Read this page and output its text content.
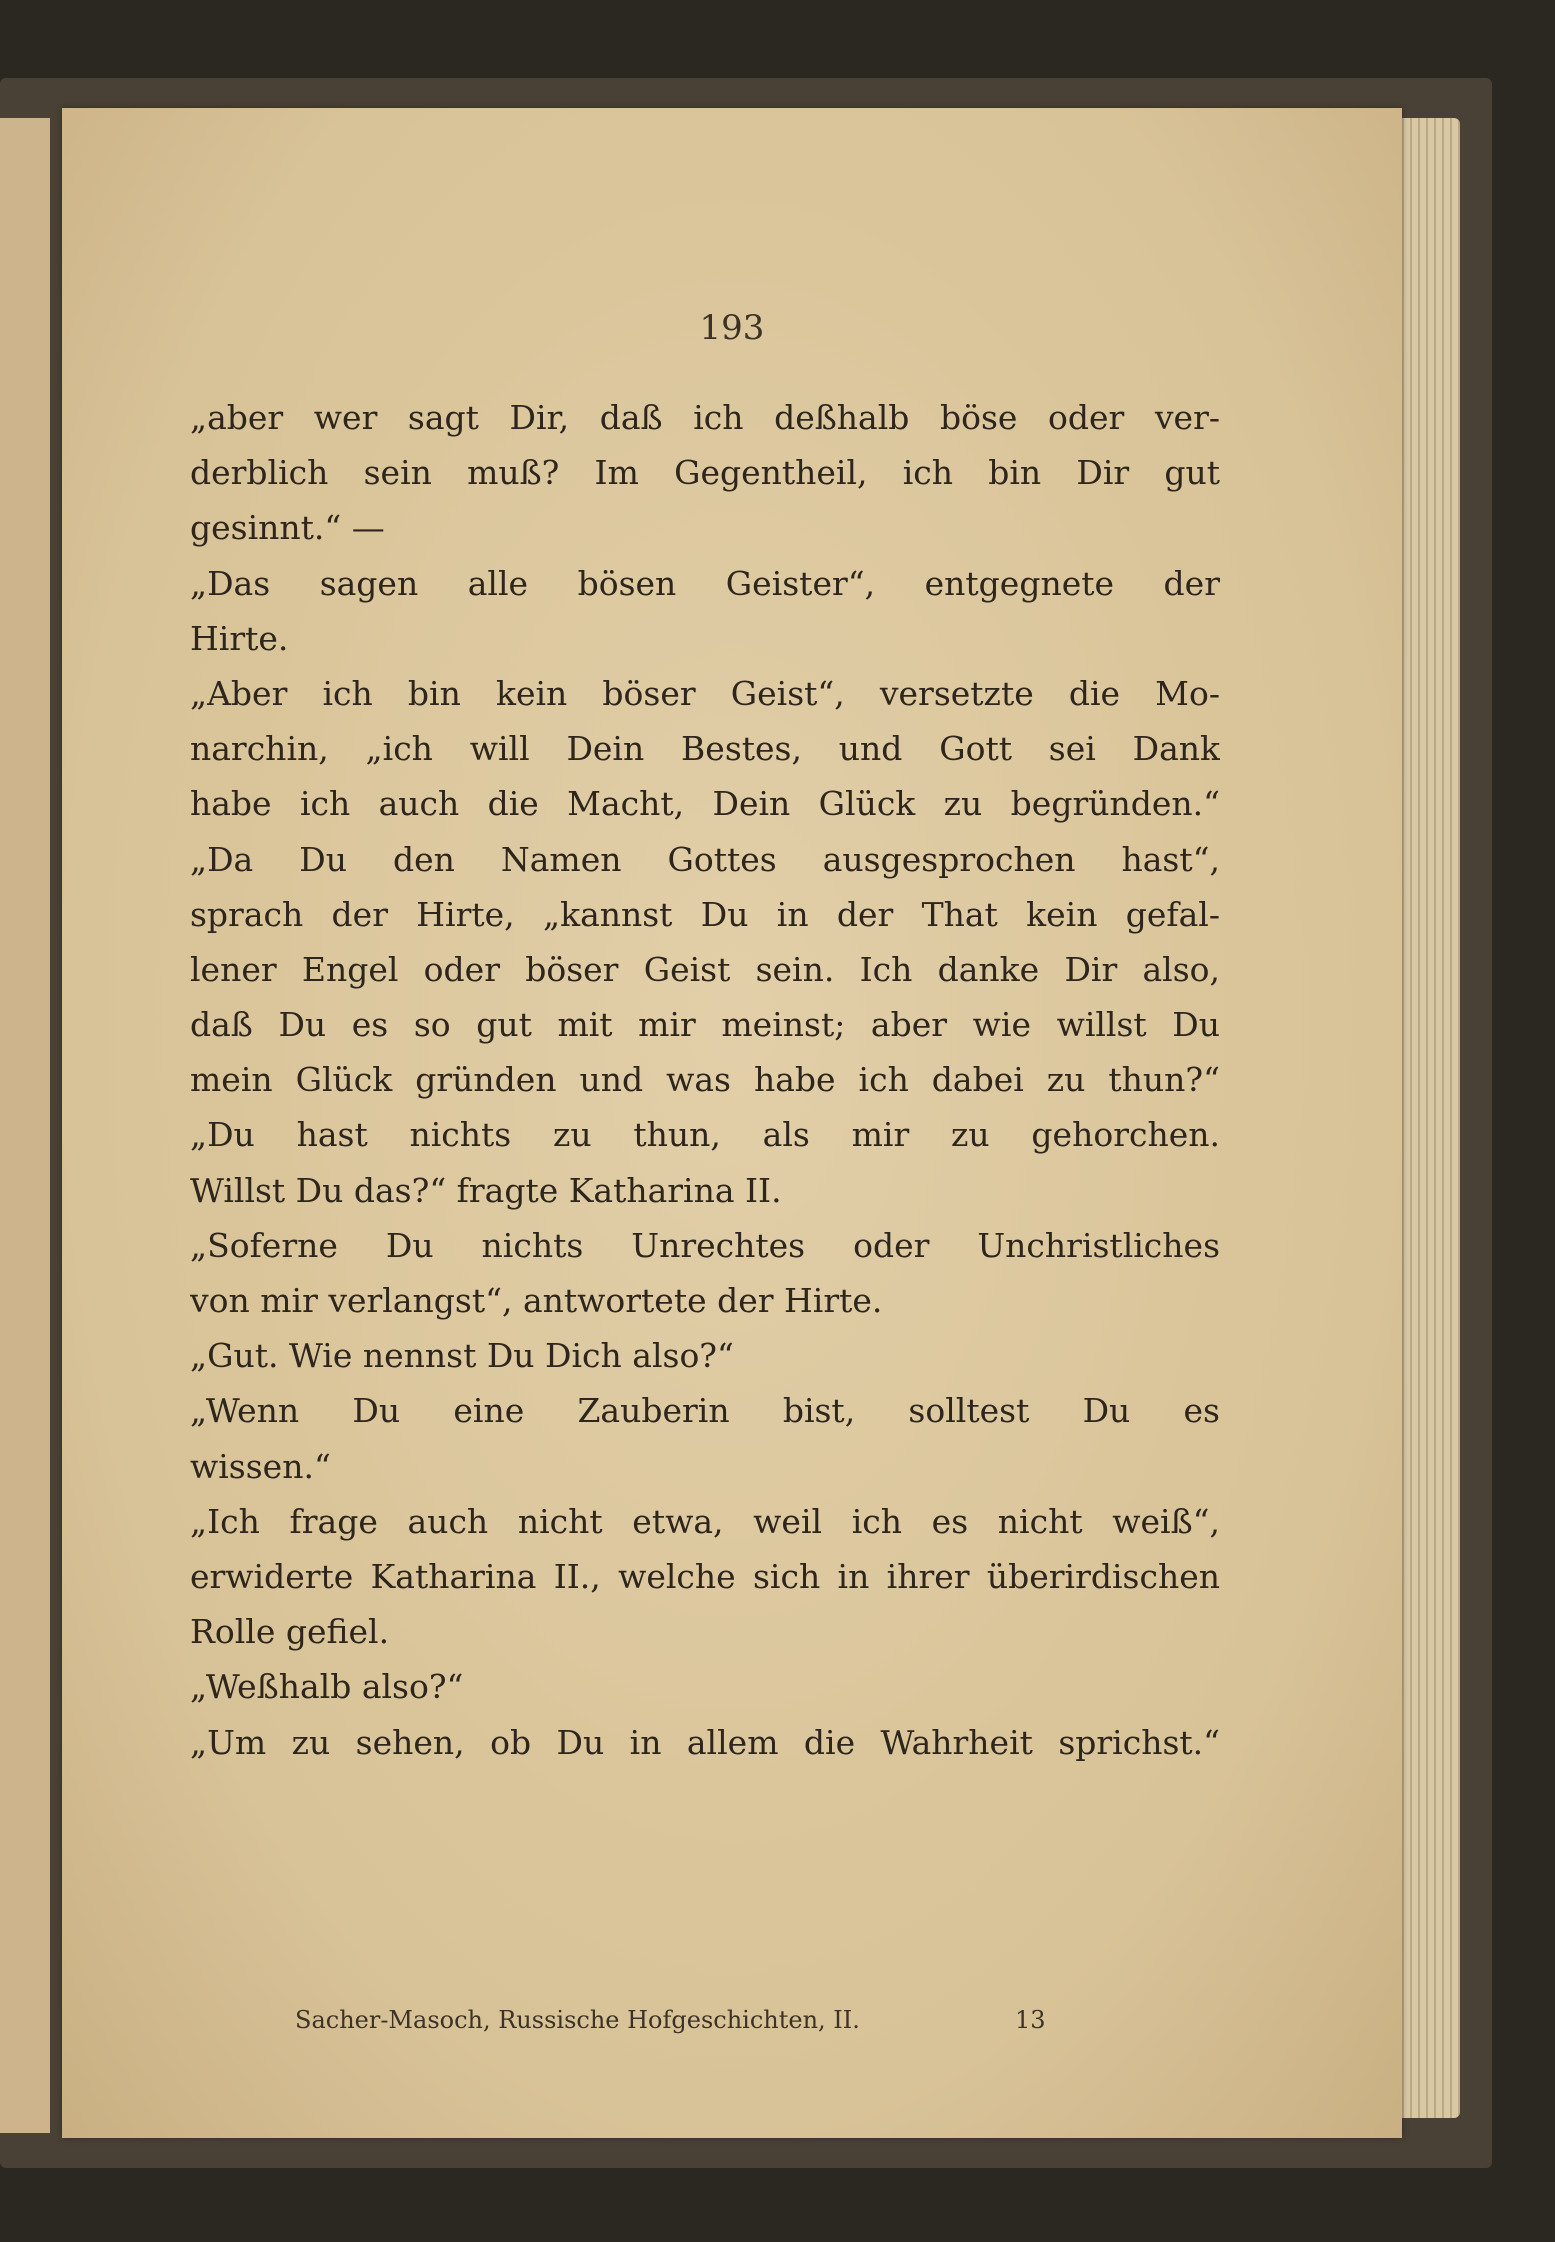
193
„aber wer sagt Dir, daß ich deßhalb böse oder ver-
derblich sein muß? Im Gegentheil, ich bin Dir gut
gesinnt.“ —
„Das sagen alle bösen Geister“, entgegnete der
Hirte.
„Aber ich bin kein böser Geist“, versetzte die Mo-
narchin, „ich will Dein Bestes, und Gott sei Dank
habe ich auch die Macht, Dein Glück zu begründen.“
„Da Du den Namen Gottes ausgesprochen hast“,
sprach der Hirte, „kannst Du in der That kein gefal-
lener Engel oder böser Geist sein. Ich danke Dir also,
daß Du es so gut mit mir meinst; aber wie willst Du
mein Glück gründen und was habe ich dabei zu thun?“
„Du hast nichts zu thun, als mir zu gehorchen.
Willst Du das?“ fragte Katharina II.
„Soferne Du nichts Unrechtes oder Unchristliches
von mir verlangst“, antwortete der Hirte.
„Gut. Wie nennst Du Dich also?“
„Wenn Du eine Zauberin bist, solltest Du es
wissen.“
„Ich frage auch nicht etwa, weil ich es nicht weiß“,
erwiderte Katharina II., welche sich in ihrer überirdischen
Rolle gefiel.
„Weßhalb also?“
„Um zu sehen, ob Du in allem die Wahrheit sprichst.“
Sacher-Masoch, Russische Hofgeschichten, II.	13
